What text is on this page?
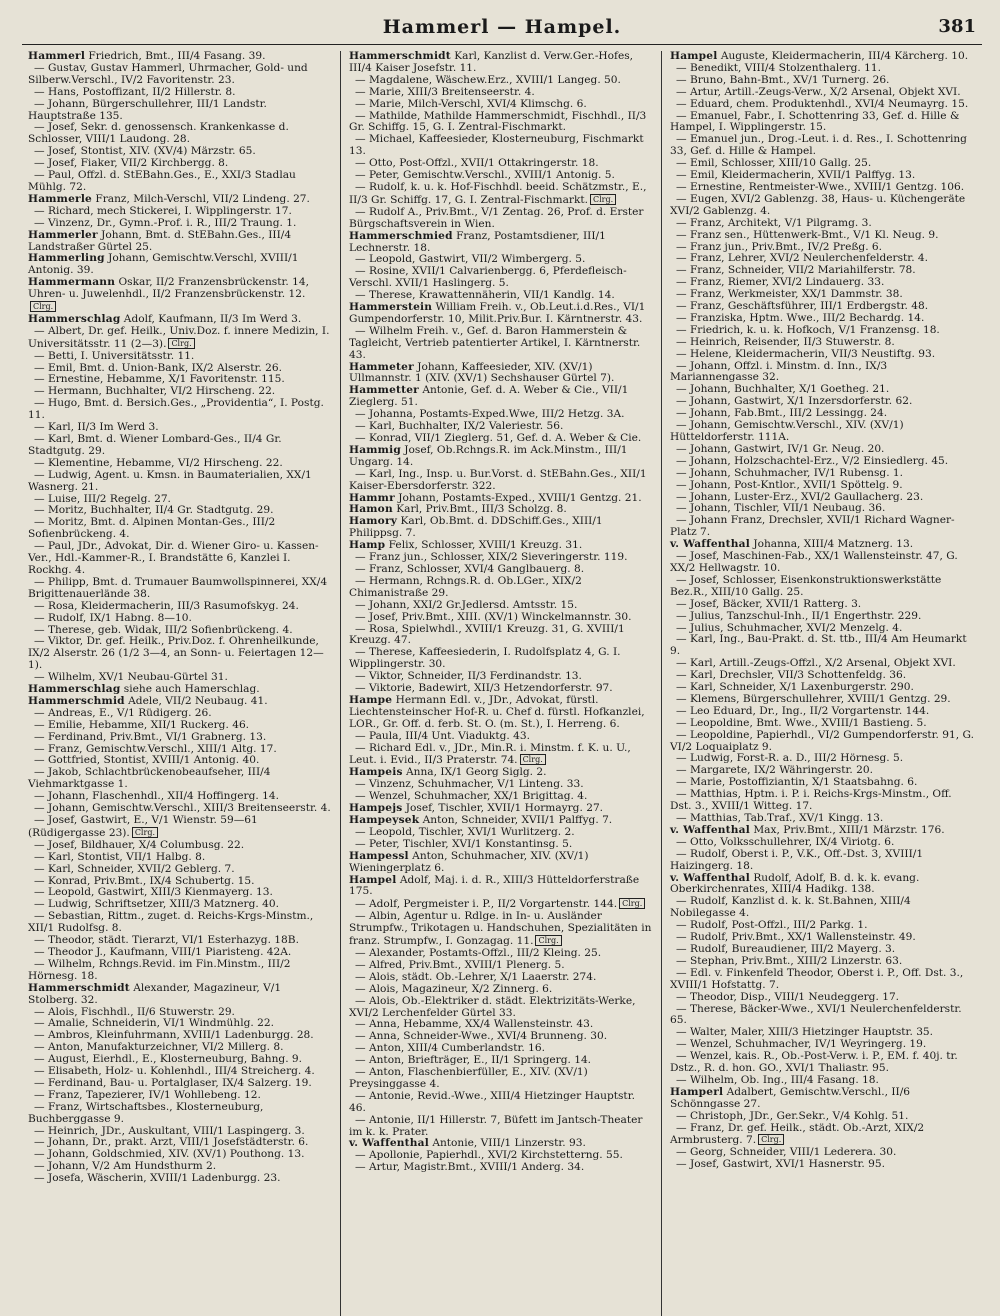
Hammerl — Hampel.	381

Hammerl Friedrich, Bmt., III/4 Fasang. 39.

— Gustav, Gustav Hammerl, Uhrmacher, Gold- und Silberw.Verschl., IV/2 Favoritenstr. 23.

— Hans, Postoffizant, II/2 Hillerstr. 8.

— Johann, Bürgerschullehrer, III/1 Landstr. Hauptstraße 135.

— Josef, Sekr. d. genossensch. Krankenkasse d. Schlosser, VIII/1 Laudong. 28.

— Josef, Stontist, XIV. (XV/4) Märzstr. 65.

— Josef, Fiaker, VII/2 Kirchbergg. 8.

— Paul, Offzl. d. StEBahn.Ges., E., XXI/3 Stadlau Mühlg. 72.

Hammerle Franz, Milch-Verschl, VII/2 Lindeng. 27.

— Richard, mech Stickerei, I. Wipplingerstr. 17.

— Vinzenz, Dr., Gymn.-Prof. i. R., III/2 Traung. 1.

Hammerler Johann, Bmt. d. StEBahn.Ges., III/4 Landstraßer Gürtel 25.

Hammerling Johann, Gemischtw.Verschl, XVIII/1 Antonig. 39.

Hammermann Oskar, II/2 Franzensbrückenstr. 14, Uhren- u. Juwelenhdl., II/2 Franzensbrückenstr. 12.Clrg.

Hammerschlag Adolf, Kaufmann, II/3 Im Werd 3.

— Albert, Dr. gef. Heilk., Univ.Doz. f. innere Medizin, I. Universitätsstr. 11 (2—3). Clrg.

— Betti, I. Universitätsstr. 11.

— Emil, Bmt. d. Union-Bank, IX/2 Alserstr. 26.

— Ernestine, Hebamme, X/1 Favoritenstr. 115.

— Hermann, Buchhalter, VI/2 Hirscheng. 22.

— Hugo, Bmt. d. Bersich.Ges., „Providentia“, I. Postg. 11.

— Karl, II/3 Im Werd 3.

— Karl, Bmt. d. Wiener Lombard-Ges., II/4 Gr. Stadtgutg. 29.

— Klementine, Hebamme, VI/2 Hirscheng. 22.

— Ludwig, Agent. u. Kmsn. in Baumaterialien, XX/1 Wasnerg. 21.

— Luise, III/2 Regelg. 27.

— Moritz, Buchhalter, II/4 Gr. Stadtgutg. 29.

— Moritz, Bmt. d. Alpinen Montan-Ges., III/2 Sofienbrückeng. 4.

— Paul, JDr., Advokat, Dir. d. Wiener Giro- u. Kassen-Ver., Hdl.-Kammer-R., I. Brandstätte 6, Kanzlei I. Rockhg. 4.

— Philipp, Bmt. d. Trumauer Baumwollspinnerei, XX/4 Brigittenauerlände 38.

— Rosa, Kleidermacherin, III/3 Rasumofskyg. 24.

— Rudolf, IX/1 Habng. 8—10.

— Therese, geb. Widak, III/2 Sofienbrückeng. 4.

— Viktor, Dr. gef. Heilk., Priv.Doz. f. Ohrenheilkunde, IX/2 Alserstr. 26 (1/2 3—4, an Sonn- u. Feiertagen 12—1).

— Wilhelm, XV/1 Neubau-Gürtel 31.

Hammerschlag siehe auch Hamerschlag.

Hammerschmid Adele, VII/2 Neubaug. 41.

— Andreas, E., V/1 Rüdigerg. 26.

— Emilie, Hebamme, XII/1 Ruckerg. 46.

— Ferdinand, Priv.Bmt., VI/1 Grabnerg. 13.

— Franz, Gemischtw.Verschl., XIII/1 Altg. 17.

— Gottfried, Stontist, XVIII/1 Antonig. 40.

— Jakob, Schlachtbrückenobeaufseher, III/4 Viehmarktgasse 1.

— Johann, Flaschenhdl., XII/4 Hoffingerg. 14.

— Johann, Gemischtw.Verschl., XIII/3 Breitenseerstr. 4.

— Josef, Gastwirt, E., V/1 Wienstr. 59—61 (Rüdigergasse 23). Clrg.

— Josef, Bildhauer, X/4 Columbusg. 22.

— Karl, Stontist, VII/1 Halbg. 8.

— Karl, Schneider, XVII/2 Geblerg. 7.

— Konrad, Priv.Bmt., IX/4 Schubertg. 15.

— Leopold, Gastwirt, XIII/3 Kienmayerg. 13.

— Ludwig, Schriftsetzer, XIII/3 Matznerg. 40.

— Sebastian, Rittm., zuget. d. Reichs-Krgs-Minstm., XII/1 Rudolfsg. 8.

— Theodor, städt. Tierarzt, VI/1 Esterhazyg. 18B.

— Theodor J., Kaufmann, VIII/1 Piaristeng. 42A.

— Wilhelm, Rchngs.Revid. im Fin.Minstm., III/2 Hörnesg. 18.

Hammerschmidt Alexander, Magazineur, V/1 Stolberg. 32.

— Alois, Fischhdl., II/6 Stuwerstr. 29.

— Amalie, Schneiderin, VI/1 Windmühlg. 22.

— Ambros, Kleinfuhrmann, XVIII/1 Ladenburgg. 28.

— Anton, Manufakturzeichner, VI/2 Millerg. 8.

— August, Eierhdl., E., Klosterneuburg, Bahng. 9.

— Elisabeth, Holz- u. Kohlenhdl., III/4 Streicherg. 4.

— Ferdinand, Bau- u. Portalglaser, IX/4 Salzerg. 19.

— Franz, Tapezierer, IV/1 Wohllebeng. 12.

— Franz, Wirtschaftsbes., Klosterneuburg, Buchberggasse 9.

— Heinrich, JDr., Auskultant, VIII/1 Laspingerg. 3.

— Johann, Dr., prakt. Arzt, VIII/1 Josefstädterstr. 6.

— Johann, Goldschmied, XIV. (XV/1) Pouthong. 13.

— Johann, V/2 Am Hundsthurm 2.

— Josefa, Wäscherin, XVIII/1 Ladenburgg. 23.

Hammerschmidt Karl, Kanzlist d. Verw.Ger.-Hofes, III/4 Kaiser Josefstr. 11.

— Magdalene, Wäschew.Erz., XVIII/1 Langeg. 50.

— Marie, XIII/3 Breitenseerstr. 4.

— Marie, Milch-Verschl, XVI/4 Klimschg. 6.

— Mathilde, Mathilde Hammerschmidt, Fischhdl., II/3 Gr. Schiffg. 15, G. I. Zentral-Fischmarkt.

— Michael, Kaffeesieder, Klosterneuburg, Fischmarkt 13.

— Otto, Post-Offzl., XVII/1 Ottakringerstr. 18.

— Peter, Gemischtw.Verschl., XVIII/1 Antonig. 5.

— Rudolf, k. u. k. Hof-Fischhdl. beeid. Schätzmstr., E., II/3 Gr. Schiffg. 17, G. I. Zentral-Fischmarkt. Clrg.

— Rudolf A., Priv.Bmt., V/1 Zentag. 26, Prof. d. Erster Bürgschaftsverein in Wien.

Hammerschmied Franz, Postamtsdiener, III/1 Lechnerstr. 18.

— Leopold, Gastwirt, VII/2 Wimbergerg. 5.

— Rosine, XVII/1 Calvarienbergg. 6, Pferdefleisch-Verschl. XVII/1 Haslingerg. 5.

— Therese, Krawattennäherin, VII/1 Kandlg. 14.

Hammerstein William Freih. v., Ob.Leut.i.d.Res., VI/1 Gumpendorferstr. 10, Milit.Priv.Bur. I. Kärntnerstr. 43.

— Wilhelm Freih. v., Gef. d. Baron Hammerstein & Tagleicht, Vertrieb patentierter Artikel, I. Kärntnerstr. 43.

Hammeter Johann, Kaffeesieder, XIV. (XV/1) Ullmannstr. 1 (XIV. (XV/1) Sechshauser Gürtel 7).

Hammetter Antonie, Gef. d. A. Weber & Cie., VII/1 Zieglerg. 51.

— Johanna, Postamts-Exped.Wwe, III/2 Hetzg. 3A.

— Karl, Buchhalter, IX/2 Valeriestr. 56.

— Konrad, VII/1 Zieglerg. 51, Gef. d. A. Weber & Cie.

Hammig Josef, Ob.Rchngs.R. im Ack.Minstm., III/1 Ungarg. 14.

— Karl, Ing., Insp. u. Bur.Vorst. d. StEBahn.Ges., XII/1 Kaiser-Ebersdorferstr. 322.

Hammr Johann, Postamts-Exped., XVIII/1 Gentzg. 21.

Hamon Karl, Priv.Bmt., III/3 Scholzg. 8.

Hamory Karl, Ob.Bmt. d. DDSchiff.Ges., XIII/1 Philippsg. 7.

Hamp Felix, Schlosser, XVIII/1 Kreuzg. 31.

— Franz jun., Schlosser, XIX/2 Sieveringerstr. 119.

— Franz, Schlosser, XVI/4 Ganglbauerg. 8.

— Hermann, Rchngs.R. d. Ob.LGer., XIX/2 Chimanistraße 29.

— Johann, XXI/2 Gr.Jedlersd. Amtsstr. 15.

— Josef, Priv.Bmt., XIII. (XV/1) Winckelmannstr. 30.

— Rosa, Spielwhdl., XVIII/1 Kreuzg. 31, G. XVIII/1 Kreuzg. 47.

— Therese, Kaffeesiederin, I. Rudolfsplatz 4, G. I. Wipplingerstr. 30.

— Viktor, Schneider, II/3 Ferdinandstr. 13.

— Viktorie, Badewirt, XII/3 Hetzendorferstr. 97.

Hampe Hermann Edl. v., JDr., Advokat, fürstl. Liechtensteinscher Hof-R. u. Chef d. fürstl. Hofkanzlei, LOR., Gr. Off. d. ferb. St. O. (m. St.), I. Herreng. 6.

— Paula, III/4 Unt. Viaduktg. 43.

— Richard Edl. v., JDr., Min.R. i. Minstm. f. K. u. U., Leut. i. Evid., II/3 Praterstr. 74. Clrg.

Hampeis Anna, IX/1 Georg Siglg. 2.

— Vinzenz, Schuhmacher, V/1 Linteng. 33.

— Wenzel, Schuhmacher, XX/1 Brigittag. 4.

Hampejs Josef, Tischler, XVII/1 Hormayrg. 27.

Hampeysek Anton, Schneider, XVII/1 Palffyg. 7.

— Leopold, Tischler, XVI/1 Wurlitzerg. 2.

— Peter, Tischler, XVI/1 Konstantinsg. 5.

Hampessl Anton, Schuhmacher, XIV. (XV/1) Wieningerplatz 6.

Hampel Adolf, Maj. i. d. R., XIII/3 Hütteldorferstraße 175.

— Adolf, Pergmeister i. P., II/2 Vorgartenstr. 144. Clrg.

— Albin, Agentur u. Rdlge. in In- u. Ausländer Strumpfw., Trikotagen u. Handschuhen, Spezialitäten in franz. Strumpfw., I. Gonzagag. 11. Clrg.

— Alexander, Postamts-Offzl., III/2 Kleing. 25.

— Alfred, Priv.Bmt., XVIII/1 Plenerg. 5.

— Alois, städt. Ob.-Lehrer, X/1 Laaerstr. 274.

— Alois, Magazineur, X/2 Zinnerg. 6.

— Alois, Ob.-Elektriker d. städt. Elektrizitäts-Werke, XVI/2 Lerchenfelder Gürtel 33.

— Anna, Hebamme, XX/4 Wallensteinstr. 43.

— Anna, Schneider-Wwe., XVI/4 Brunneng. 30.

— Anton, XIII/4 Cumberlandstr. 16.

— Anton, Briefträger, E., II/1 Springerg. 14.

— Anton, Flaschenbierfüller, E., XIV. (XV/1) Preysinggasse 4.

— Antonie, Revid.-Wwe., XIII/4 Hietzinger Hauptstr. 46.

— Antonie, II/1 Hillerstr. 7, Büfett im Jantsch-Theater im k. k. Prater.

v. Waffenthal Antonie, VIII/1 Linzerstr. 93.

— Apollonie, Papierhdl., XVI/2 Kirchstetterng. 55.

— Artur, Magistr.Bmt., XVIII/1 Anderg. 34.

Hampel Auguste, Kleidermacherin, III/4 Kärcherg. 10.

— Benedikt, VIII/4 Stolzenthalerg. 11.

— Bruno, Bahn-Bmt., XV/1 Turnerg. 26.

— Artur, Artill.-Zeugs-Verw., X/2 Arsenal, Objekt XVI.

— Eduard, chem. Produktenhdl., XVI/4 Neumayrg. 15.

— Emanuel, Fabr., I. Schottenring 33, Gef. d. Hille & Hampel, I. Wipplingerstr. 15.

— Emanuel jun., Drog.-Leut. i. d. Res., I. Schottenring 33, Gef. d. Hille & Hampel.

— Emil, Schlosser, XIII/10 Gallg. 25.

— Emil, Kleidermacherin, XVII/1 Palffyg. 13.

— Ernestine, Rentmeister-Wwe., XVIII/1 Gentzg. 106.

— Eugen, XVI/2 Gablenzg. 38, Haus- u. Küchengeräte XVI/2 Gablenzg. 4.

— Franz, Architekt, V/1 Pilgramg. 3.

— Franz sen., Hüttenwerk-Bmt., V/1 Kl. Neug. 9.

— Franz jun., Priv.Bmt., IV/2 Preßg. 6.

— Franz, Lehrer, XVI/2 Neulerchenfelderstr. 4.

— Franz, Schneider, VII/2 Mariahilferstr. 78.

— Franz, Riemer, XVI/2 Lindauerg. 33.

— Franz, Werkmeister, XX/1 Dammstr. 38.

— Franz, Geschäftsführer, III/1 Erdbergstr. 48.

— Franziska, Hptm. Wwe., III/2 Bechardg. 14.

— Friedrich, k. u. k. Hofkoch, V/1 Franzensg. 18.

— Heinrich, Reisender, II/3 Stuwerstr. 8.

— Helene, Kleidermacherin, VII/3 Neustiftg. 93.

— Johann, Offzl. i. Minstm. d. Inn., IX/3 Mariannengasse 32.

— Johann, Buchhalter, X/1 Goetheg. 21.

— Johann, Gastwirt, X/1 Inzersdorferstr. 62.

— Johann, Fab.Bmt., III/2 Lessingg. 24.

— Johann, Gemischtw.Verschl., XIV. (XV/1) Hütteldorferstr. 111A.

— Johann, Gastwirt, IV/1 Gr. Neug. 20.

— Johann, Holzschachtel-Erz., V/2 Einsiedlerg. 45.

— Johann, Schuhmacher, IV/1 Rubensg. 1.

— Johann, Post-Kntlor., XVII/1 Spöttelg. 9.

— Johann, Luster-Erz., XVI/2 Gaullacherg. 23.

— Johann, Tischler, VII/1 Neubaug. 36.

— Johann Franz, Drechsler, XVII/1 Richard Wagner-Platz 7.

v. Waffenthal Johanna, XIII/4 Matznerg. 13.

— Josef, Maschinen-Fab., XX/1 Wallensteinstr. 47, G. XX/2 Hellwagstr. 10.

— Josef, Schlosser, Eisenkonstruktionswerkstätte Bez.R., XIII/10 Gallg. 25.

— Josef, Bäcker, XVII/1 Ratterg. 3.

— Julius, Tanzschul-Inh., II/1 Engerthstr. 229.

— Julius, Schuhmacher, XVI/2 Menzelg. 4.

— Karl, Ing., Bau-Prakt. d. St. ttb., III/4 Am Heumarkt 9.

— Karl, Artill.-Zeugs-Offzl., X/2 Arsenal, Objekt XVI.

— Karl, Drechsler, VII/3 Schottenfeldg. 36.

— Karl, Schneider, X/1 Laxenburgerstr. 290.

— Klemens, Bürgerschullehrer, XVIII/1 Gentzg. 29.

— Leo Eduard, Dr., Ing., II/2 Vorgartenstr. 144.

— Leopoldine, Bmt. Wwe., XVIII/1 Bastieng. 5.

— Leopoldine, Papierhdl., VI/2 Gumpendorferstr. 91, G. VI/2 Loquaiplatz 9.

— Ludwig, Forst-R. a. D., III/2 Hörnesg. 5.

— Margarete, IX/2 Währingerstr. 20.

— Marie, Postoffiziantin, X/1 Staatsbahng. 6.

— Matthias, Hptm. i. P. i. Reichs-Krgs-Minstm., Off. Dst. 3., XVIII/1 Witteg. 17.

— Matthias, Tab.Traf., XV/1 Kingg. 13.

v. Waffenthal Max, Priv.Bmt., XIII/1 Märzstr. 176.

— Otto, Volksschullehrer, IX/4 Viriotg. 6.

— Rudolf, Oberst i. P., V.K., Off.-Dst. 3, XVIII/1 Haizingerg. 18.

v. Waffenthal Rudolf, Adolf, B. d. k. k. evang. Oberkirchenrates, XIII/4 Hadikg. 138.

— Rudolf, Kanzlist d. k. k. St.Bahnen, XIII/4 Nobilegasse 4.

— Rudolf, Post-Offzl., III/2 Parkg. 1.

— Rudolf, Priv.Bmt., XX/1 Wallensteinstr. 49.

— Rudolf, Bureaudiener, III/2 Mayerg. 3.

— Stephan, Priv.Bmt., XIII/2 Linzerstr. 63.

— Edl. v. Finkenfeld Theodor, Oberst i. P., Off. Dst. 3., XVIII/1 Hofstattg. 7.

— Theodor, Disp., VIII/1 Neudeggerg. 17.

— Therese, Bäcker-Wwe., XVI/1 Neulerchenfelderstr. 65.

— Walter, Maler, XIII/3 Hietzinger Hauptstr. 35.

— Wenzel, Schuhmacher, IV/1 Weyringerg. 19.

— Wenzel, kais. R., Ob.-Post-Verw. i. P., EM. f. 40j. tr. Dstz., R. d. hon. GO., XVI/1 Thaliastr. 95.

— Wilhelm, Ob. Ing., III/4 Fasang. 18.

Hamperl Adalbert, Gemischtw.Verschl., II/6 Schönngasse 27.

— Christoph, JDr., Ger.Sekr., V/4 Kohlg. 51.

— Franz, Dr. gef. Heilk., städt. Ob.-Arzt, XIX/2 Armbrusterg. 7. Clrg.

— Georg, Schneider, VIII/1 Lederera. 30.

— Josef, Gastwirt, XVI/1 Hasnerstr. 95.
